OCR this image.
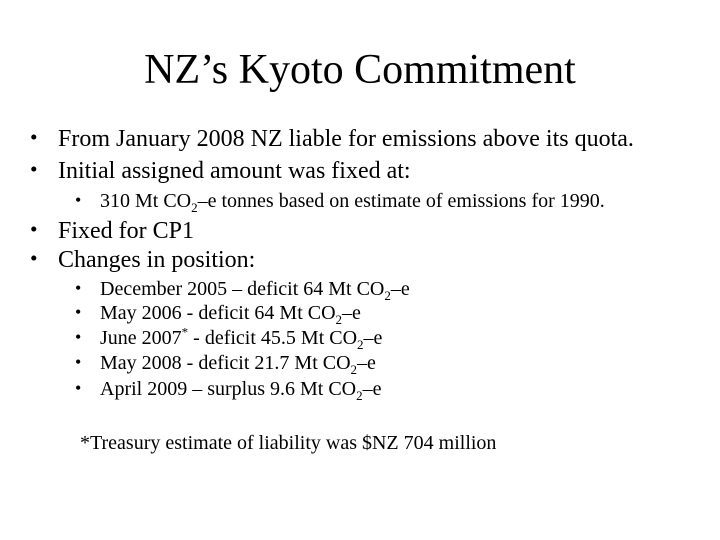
NZ’s Kyoto Commitment
• From January 2008 NZ liable for emissions above its quota.
• Initial assigned amount was fixed at:
• 310 Mt $CO_2-e$ tonnes based on estimate of emissions for 1990.
• Fixed for CP1
• Changes in position:
• December 2005 – deficit 64 Mt $CO_2-e$
• May 2006 - deficit 64 Mt $CO_2-e$
• June 2007* - deficit 45.5 Mt $CO_2-e$
• May 2008 - deficit 21.7 Mt $CO_2-e$
• April 2009 – surplus 9.6 Mt $CO_2-e$
*Treasury estimate of liability was $NZ 704 million
